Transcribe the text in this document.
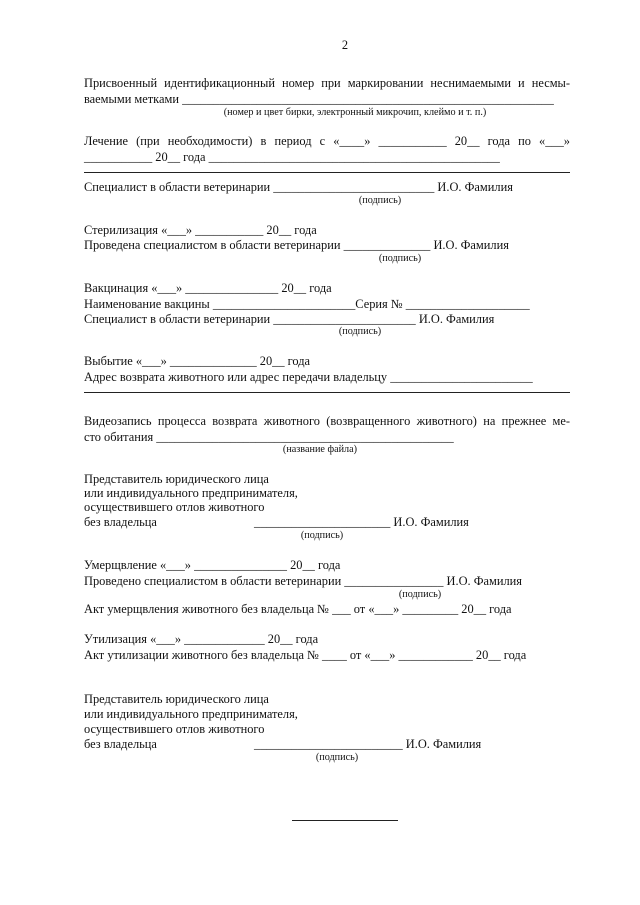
2
Присвоенный идентификационный номер при маркировании неснимаемыми и несмы-
ваемыми метками ____________________________________________________________
(номер и цвет бирки, электронный микрочип, клеймо и т. п.)
Лечение (при необходимости) в период с «____» ___________ 20__ года по «___»
___________ 20__ года _______________________________________________
Специалист в области ветеринарии __________________________ И.О. Фамилия
(подпись)
Стерилизация «___» ___________ 20__ года
Проведена специалистом в области ветеринарии ______________ И.О. Фамилия
(подпись)
Вакцинация «___» _______________ 20__ года
Наименование вакцины _______________________Серия № ____________________
Специалист в области ветеринарии _______________________ И.О. Фамилия
(подпись)
Выбытие «___» ______________ 20__ года
Адрес возврата животного или адрес передачи владельцу _______________________
Видеозапись процесса возврата животного (возвращенного животного) на прежнее ме-
сто обитания ________________________________________________
(название файла)
Представитель юридического лица
или индивидуального предпринимателя,
осуществившего отлов животного
без владельца	______________________ И.О. Фамилия
(подпись)
Умерщвление «___» _______________ 20__ года
Проведено специалистом в области ветеринарии ________________ И.О. Фамилия
(подпись)
Акт умерщвления животного без владельца № ___ от «___» _________ 20__ года
Утилизация «___» _____________ 20__ года
Акт утилизации животного без владельца № ____ от «___» ____________ 20__ года
Представитель юридического лица
или индивидуального предпринимателя,
осуществившего отлов животного
без владельца	________________________ И.О. Фамилия
(подпись)
